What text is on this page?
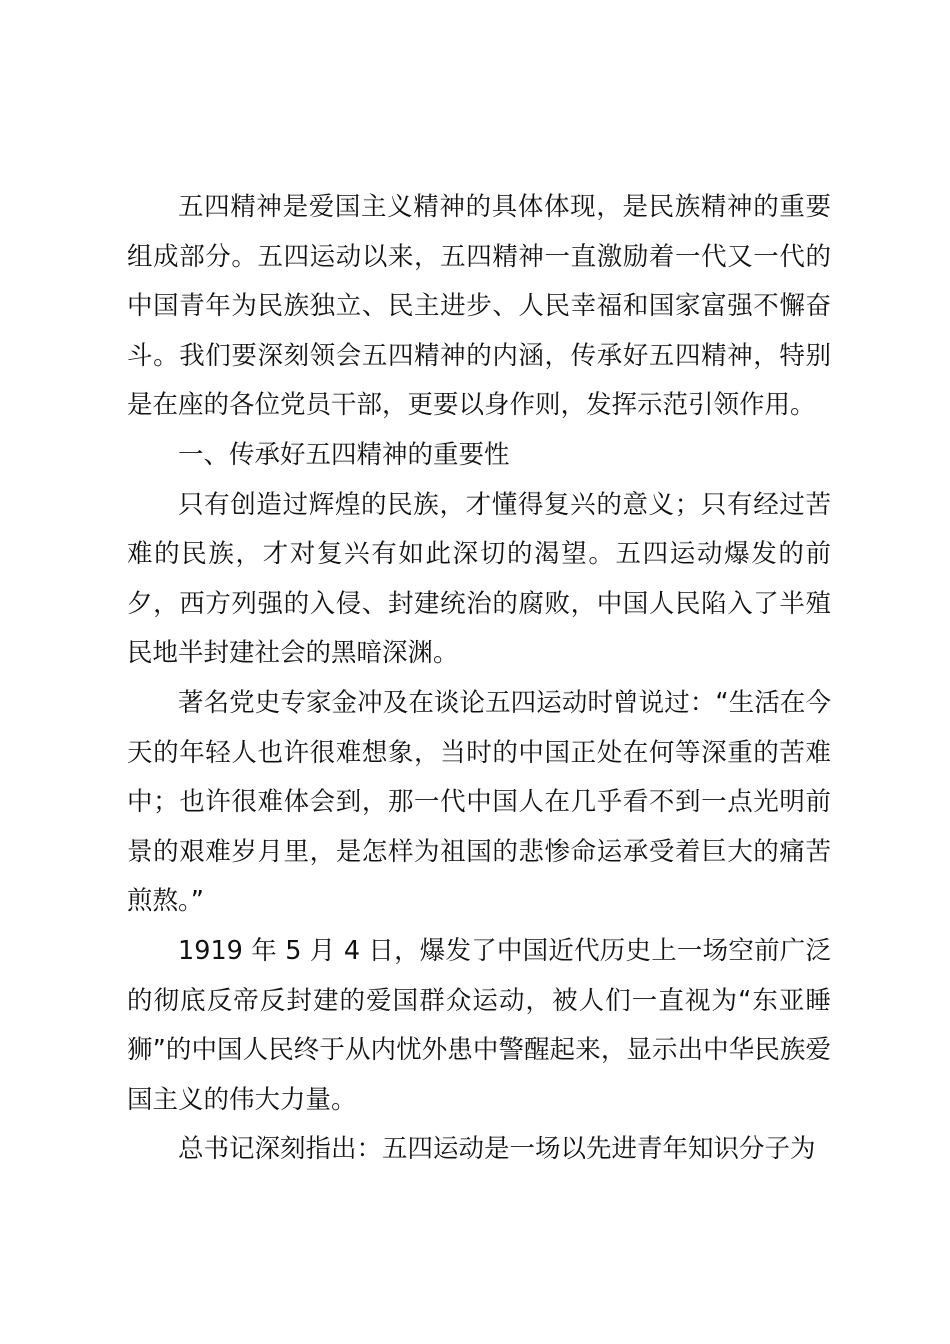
五四精神是爱国主义精神的具体体现，是民族精神的重要组成部分。五四运动以来，五四精神一直激励着一代又一代的中国青年为民族独立、民主进步、人民幸福和国家富强不懈奋斗。我们要深刻领会五四精神的内涵，传承好五四精神，特别是在座的各位党员干部，更要以身作则，发挥示范引领作用。

一、传承好五四精神的重要性

只有创造过辉煌的民族，才懂得复兴的意义；只有经过苦难的民族，才对复兴有如此深切的渴望。五四运动爆发的前夕，西方列强的入侵、封建统治的腐败，中国人民陷入了半殖民地半封建社会的黑暗深渊。

著名党史专家金冲及在谈论五四运动时曾说过：“生活在今天的年轻人也许很难想象，当时的中国正处在何等深重的苦难中；也许很难体会到，那一代中国人在几乎看不到一点光明前景的艰难岁月里，是怎样为祖国的悲惨命运承受着巨大的痛苦煎熬。”

1919 年 5 月 4 日，爆发了中国近代历史上一场空前广泛的彻底反帝反封建的爱国群众运动，被人们一直视为“东亚睡狮”的中国人民终于从内忧外患中警醒起来，显示出中华民族爱国主义的伟大力量。

总书记深刻指出：五四运动是一场以先进青年知识分子为
